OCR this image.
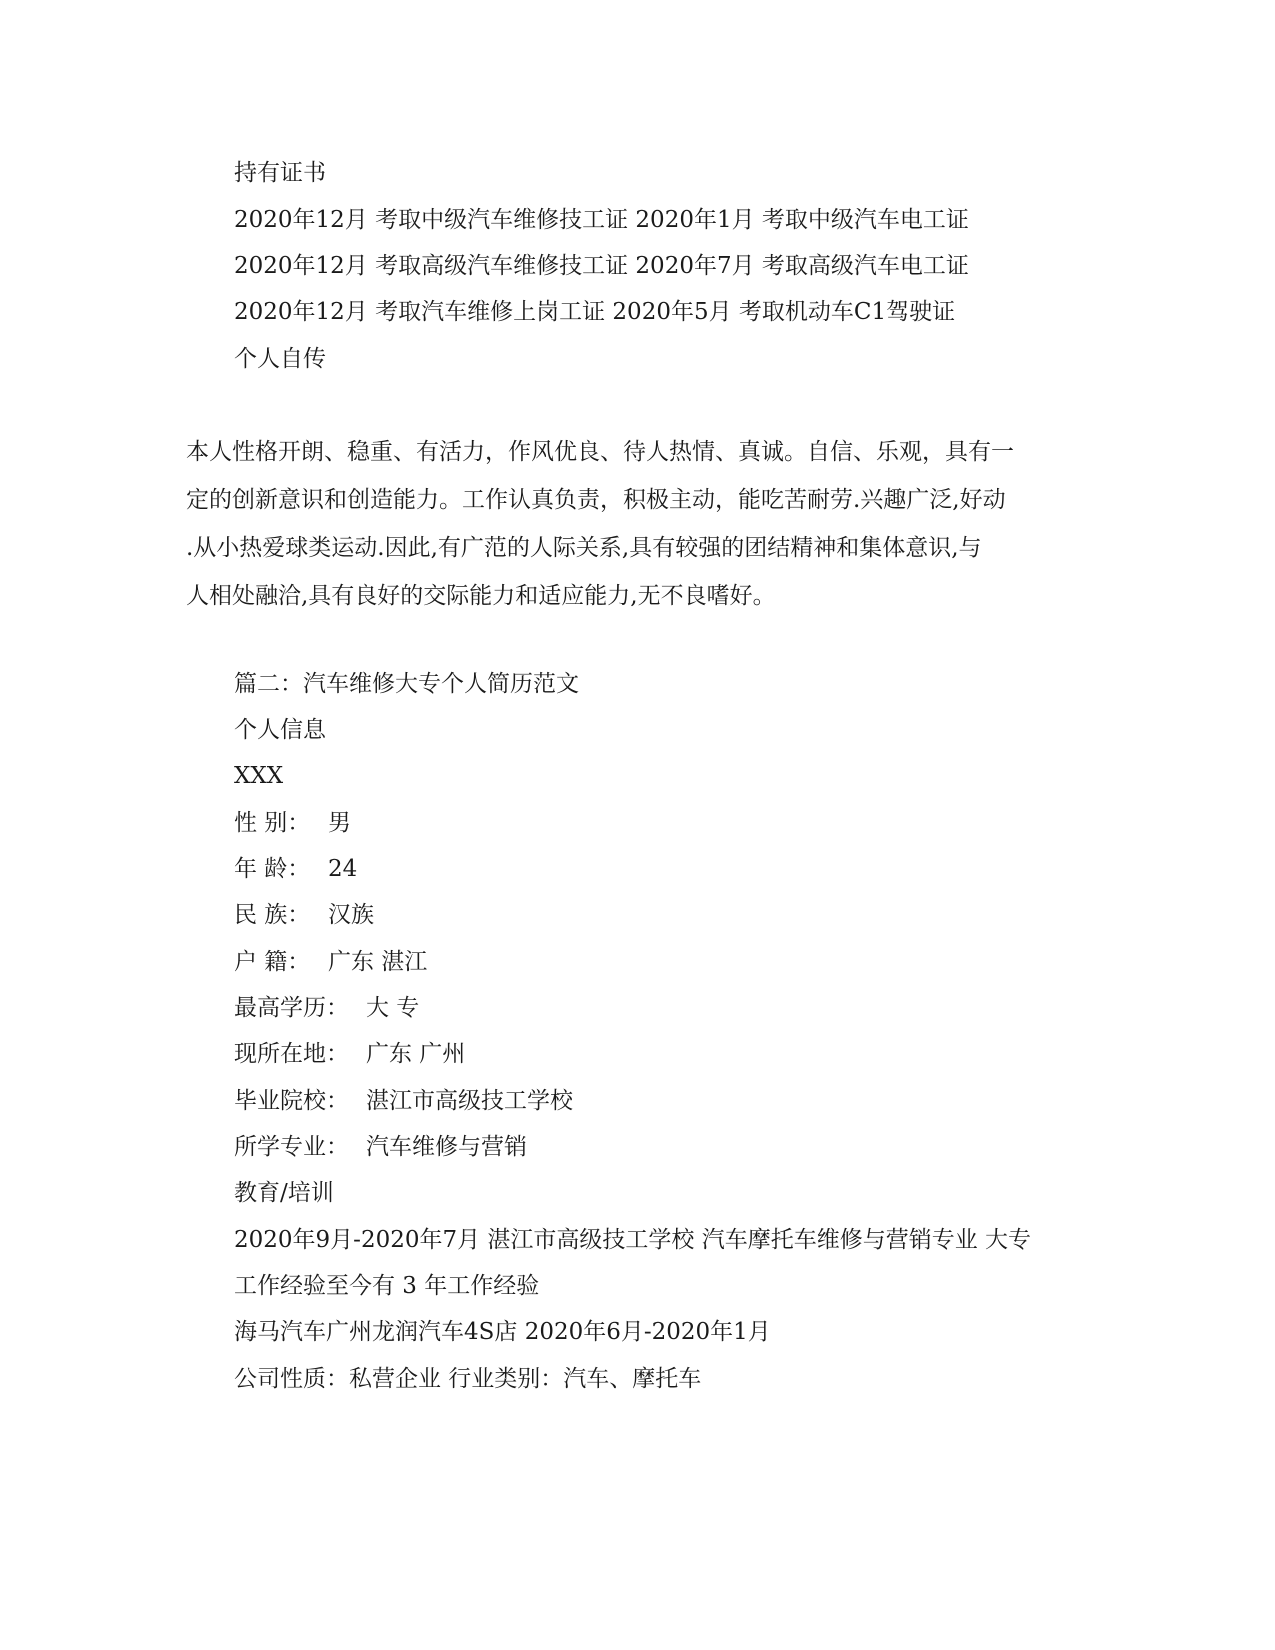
持有证书
2020年12月 考取中级汽车维修技工证 2020年1月 考取中级汽车电工证
2020年12月 考取高级汽车维修技工证 2020年7月 考取高级汽车电工证
2020年12月 考取汽车维修上岗工证 2020年5月 考取机动车C1驾驶证
个人自传
本人性格开朗、稳重、有活力，作风优良、待人热情、真诚。自信、乐观，具有一
定的创新意识和创造能力。工作认真负责，积极主动，能吃苦耐劳.兴趣广泛,好动
.从小热爱球类运动.因此,有广范的人际关系,具有较强的团结精神和集体意识,与
人相处融洽,具有良好的交际能力和适应能力,无不良嗜好。
篇二：汽车维修大专个人简历范文
个人信息
XXX
性 别： 男
年 龄： 24
民 族： 汉族
户 籍： 广东 湛江
最高学历： 大 专
现所在地： 广东 广州
毕业院校： 湛江市高级技工学校
所学专业： 汽车维修与营销
教育/培训
2020年9月-2020年7月 湛江市高级技工学校 汽车摩托车维修与营销专业 大专
工作经验至今有 3 年工作经验
海马汽车广州龙润汽车4S店 2020年6月-2020年1月
公司性质：私营企业 行业类别：汽车、摩托车
